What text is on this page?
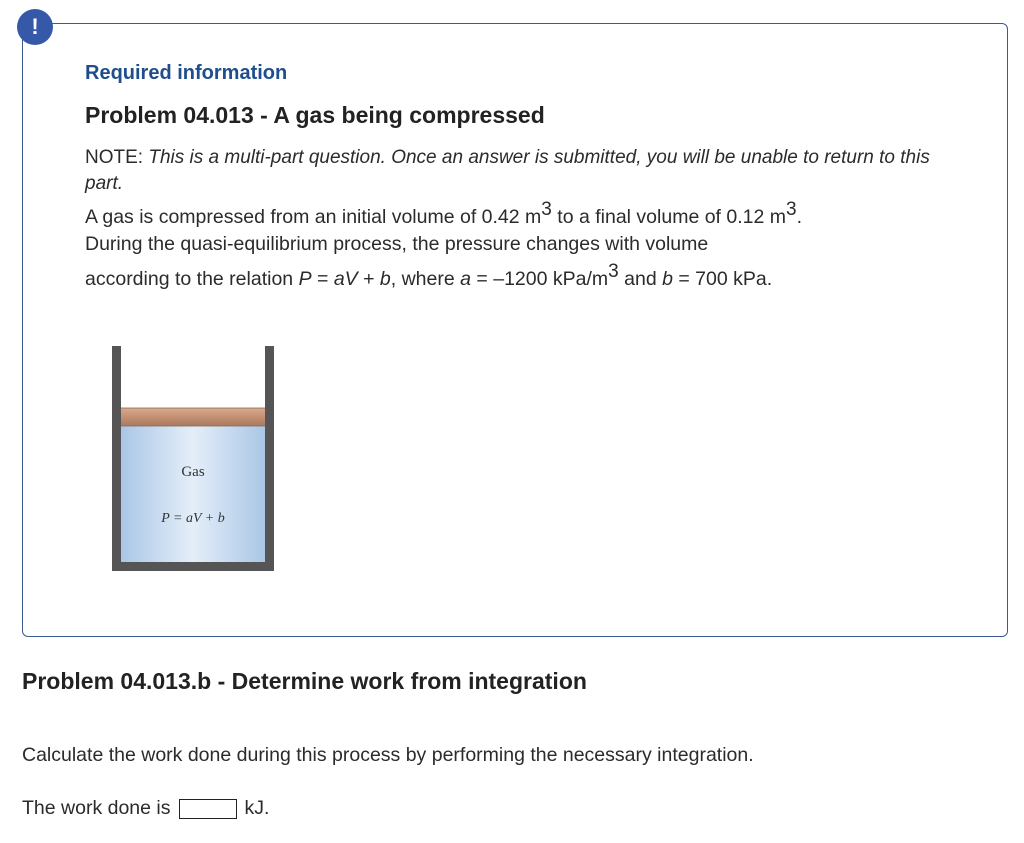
!
Required information
Problem 04.013 - A gas being compressed

NOTE: This is a multi-part question. Once an answer is submitted, you will be unable to return to this part.

A gas is compressed from an initial volume of 0.42 $m^3$ to a final volume of 0.12 $m^3$.
During the quasi-equilibrium process, the pressure changes with volume
according to the relation P = aV + b, where a = –1200 kPa/$m^3$ and b = 700 kPa.

Gas
P = aV + b
Problem 04.013.b - Determine work from integration

Calculate the work done during this process by performing the necessary integration.

The work done is	kJ.
